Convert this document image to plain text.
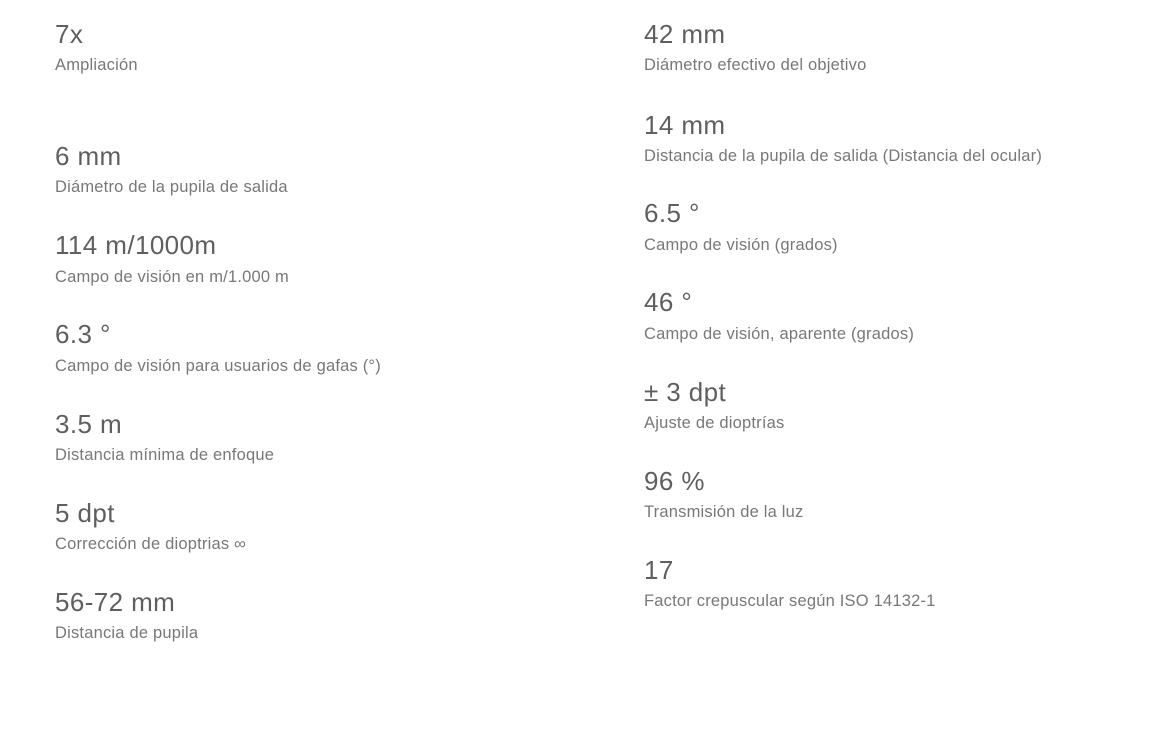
7x
Ampliación
6 mm
Diámetro de la pupila de salida
114 m/1000m
Campo de visión en m/1.000 m
6.3 °
Campo de visión para usuarios de gafas (°)
3.5 m
Distancia mínima de enfoque
5 dpt
Corrección de dioptrias ∞
56-72 mm
Distancia de pupila
42 mm
Diámetro efectivo del objetivo
14 mm
Distancia de la pupila de salida (Distancia del ocular)
6.5 °
Campo de visión (grados)
46 °
Campo de visión, aparente (grados)
± 3 dpt
Ajuste de dioptrías
96 %
Transmisión de la luz
17
Factor crepuscular según ISO 14132-1
